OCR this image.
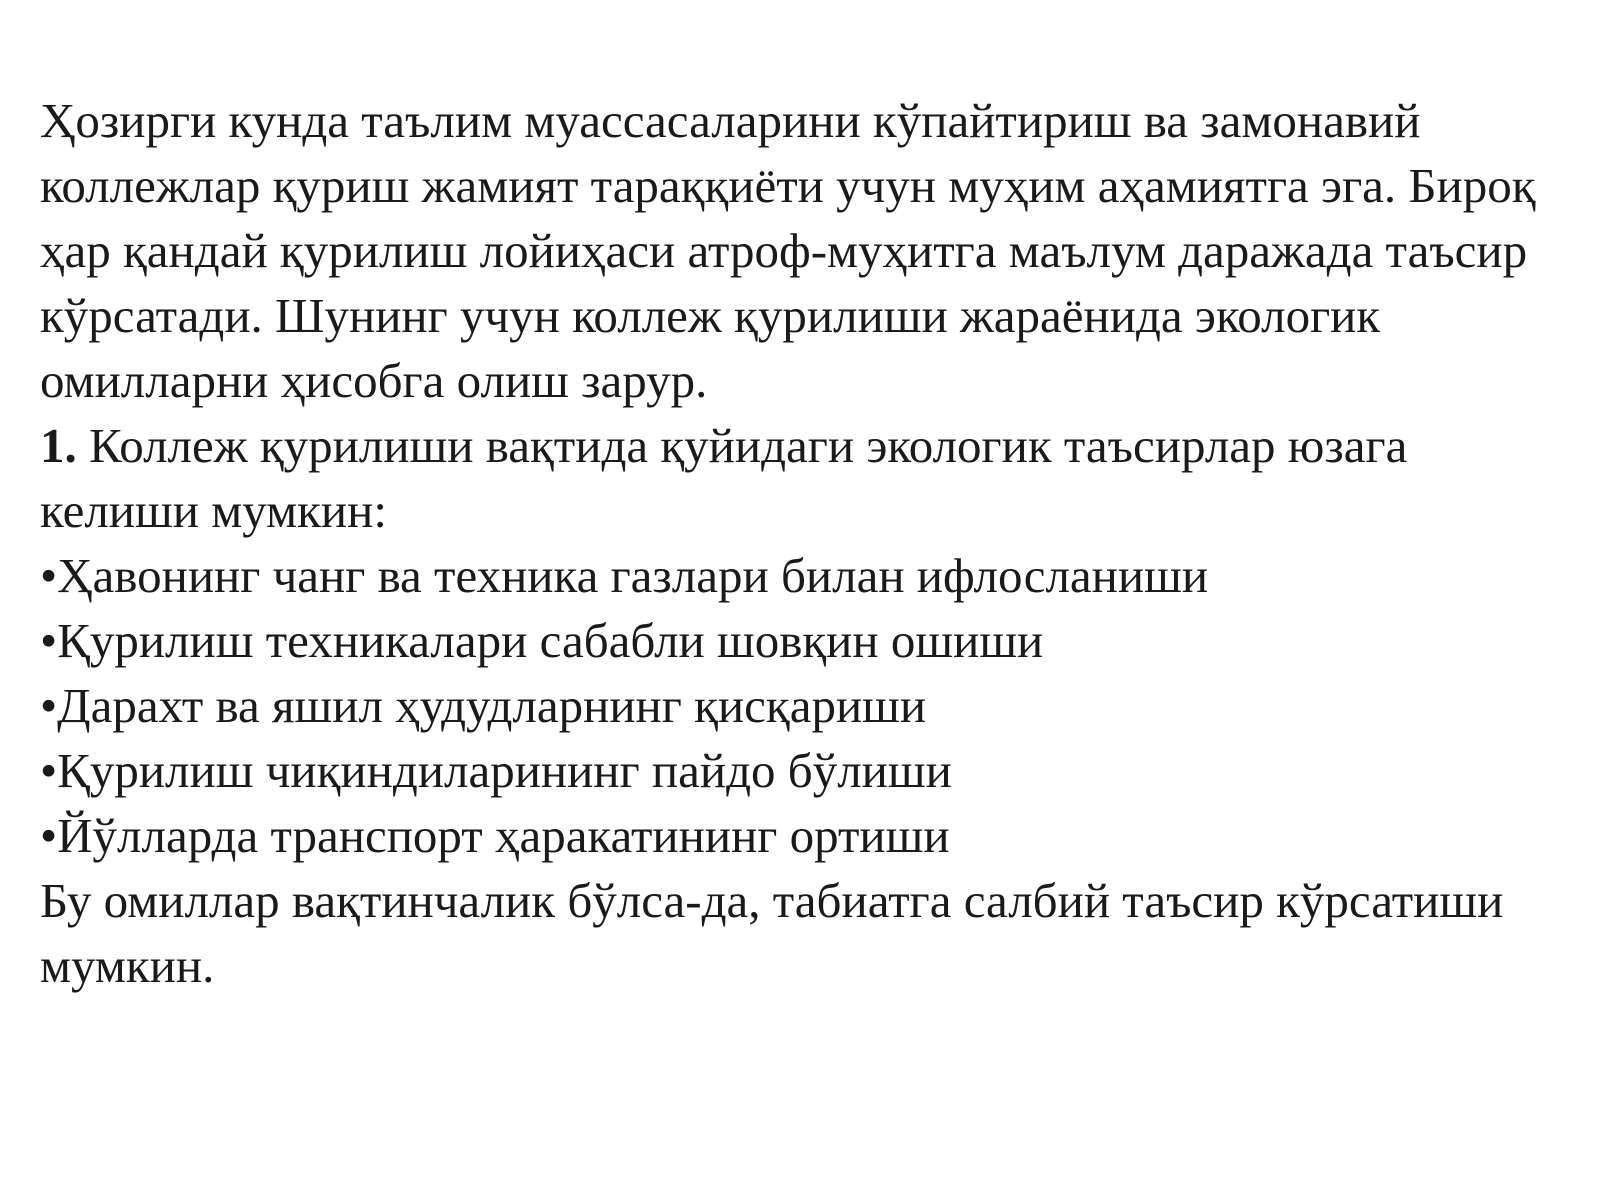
Ҳозирги кунда таълим муассасаларини кўпайтириш ва замонавий коллежлар қуриш жамият тараққиёти учун муҳим аҳамиятга эга. Бироқ ҳар қандай қурилиш лойиҳаси атроф-муҳитга маълум даражада таъсир кўрсатади. Шунинг учун коллеж қурилиши жараёнида экологик омилларни ҳисобга олиш зарур.

1. Коллеж қурилиши вақтида қуйидаги экологик таъсирлар юзага келиши мумкин:

•Ҳавонинг чанг ва техника газлари билан ифлосланиши
•Қурилиш техникалари сабабли шовқин ошиши
•Дарахт ва яшил ҳудудларнинг қисқариши
•Қурилиш чиқиндиларининг пайдо бўлиши
•Йўлларда транспорт ҳаракатининг ортиши

Бу омиллар вақтинчалик бўлса-да, табиатга салбий таъсир кўрсатиши мумкин.
